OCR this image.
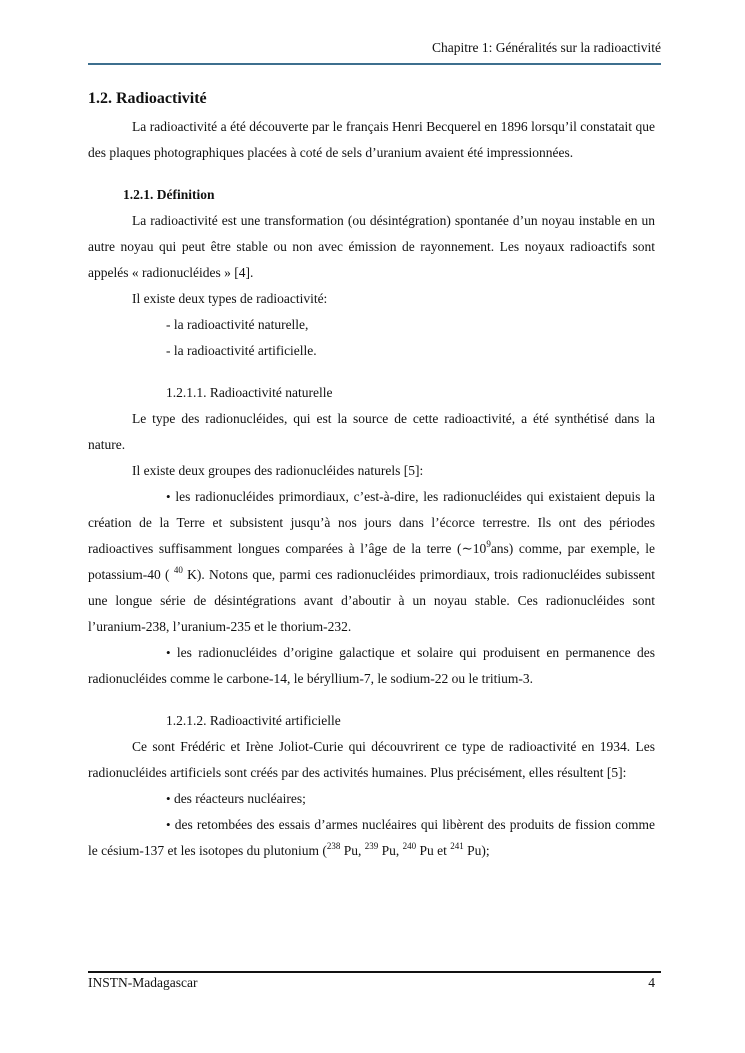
Chapitre 1: Généralités sur la radioactivité
1.2. Radioactivité

La radioactivité a été découverte par le français Henri Becquerel en 1896 lorsqu’il constatait que des plaques photographiques placées à coté de sels d’uranium avaient été impressionnées.

1.2.1. Définition

La radioactivité est une transformation (ou désintégration) spontanée d’un noyau instable en un autre noyau qui peut être stable ou non avec émission de rayonnement. Les noyaux radioactifs sont appelés « radionucléides » [4].

Il existe deux types de radioactivité:

- la radioactivité naturelle,

- la radioactivité artificielle.

1.2.1.1. Radioactivité naturelle

Le type des radionucléides, qui est la source de cette radioactivité, a été synthétisé dans la nature.

Il existe deux groupes des radionucléides naturels [5]:

• les radionucléides primordiaux, c’est-à-dire, les radionucléides qui existaient depuis la création de la Terre et subsistent jusqu’à nos jours dans l’écorce terrestre. Ils ont des périodes radioactives suffisamment longues comparées à l’âge de la terre $(\sim 10^9ans)$ comme, par exemple, le potassium-40 ( $^{40}$ K). Notons que, parmi ces radionucléides primordiaux, trois radionucléides subissent une longue série de désintégrations avant d’aboutir à un noyau stable. Ces radionucléides sont l’uranium-238, l’uranium-235 et le thorium-232.

• les radionucléides d’origine galactique et solaire qui produisent en permanence des radionucléides comme le carbone-14, le béryllium-7, le sodium-22 ou le tritium-3.

1.2.1.2. Radioactivité artificielle

Ce sont Frédéric et Irène Joliot-Curie qui découvrirent ce type de radioactivité en 1934. Les radionucléides artificiels sont créés par des activités humaines. Plus précisément, elles résultent [5]:

• des réacteurs nucléaires;

• des retombées des essais d’armes nucléaires qui libèrent des produits de fission comme le césium-137 et les isotopes du plutonium ($^{238}$ Pu, $^{239}$ Pu, $^{240}$ Pu et $^{241}$ Pu);

INSTN-Madagascar	4
